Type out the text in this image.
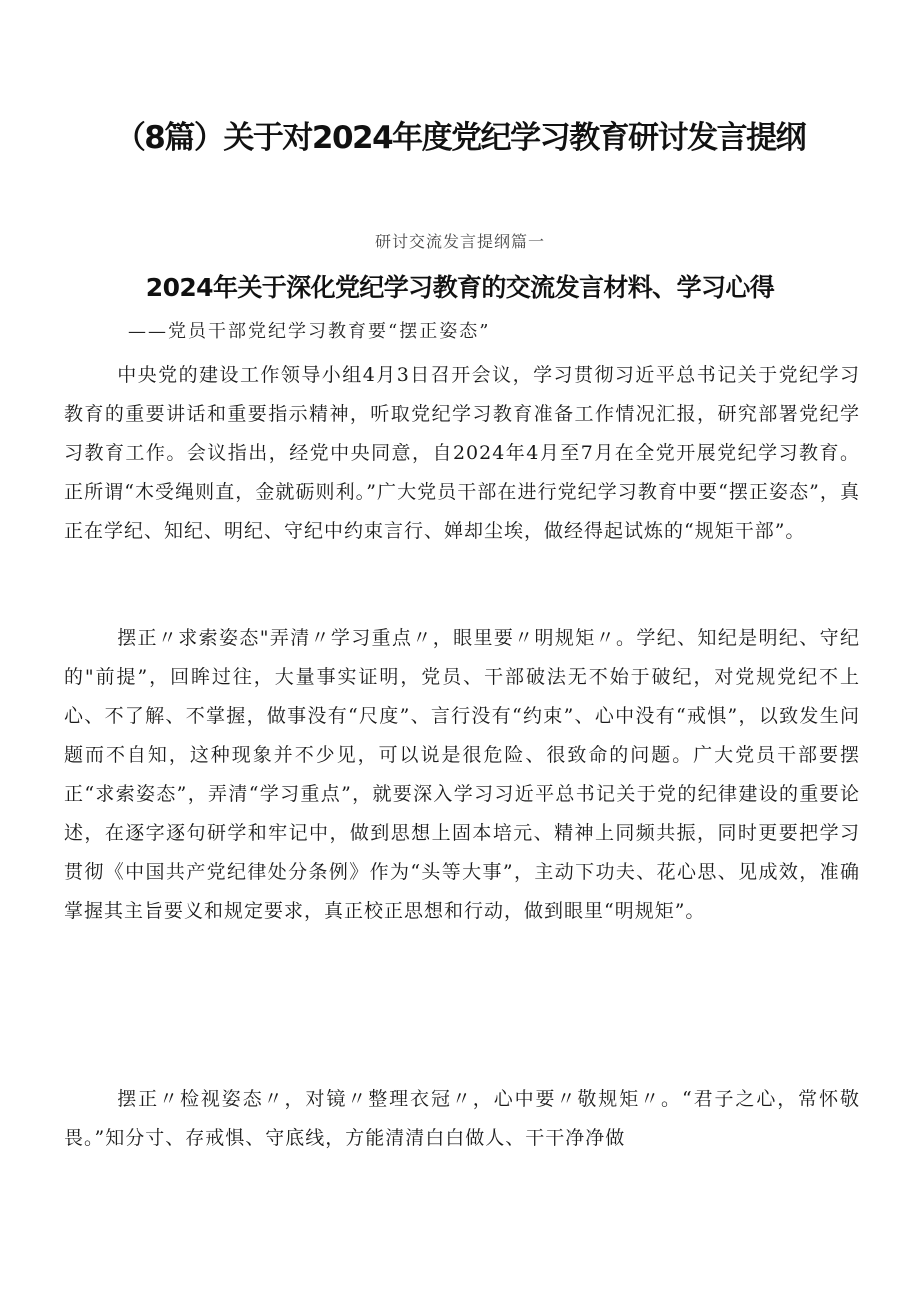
（8篇）关于对2024年度党纪学习教育研讨发言提纲
研讨交流发言提纲篇一
2024年关于深化党纪学习教育的交流发言材料、学习心得
——党员干部党纪学习教育要“摆正姿态”

中央党的建设工作领导小组4月3日召开会议，学习贯彻习近平总书记关于党纪学习教育的重要讲话和重要指示精神，听取党纪学习教育准备工作情况汇报，研究部署党纪学习教育工作。会议指出，经党中央同意，自2024年4月至7月在全党开展党纪学习教育。正所谓“木受绳则直，金就砺则利。”广大党员干部在进行党纪学习教育中要“摆正姿态”，真正在学纪、知纪、明纪、守纪中约束言行、婵却尘埃，做经得起试炼的“规矩干部”。

摆正〃求索姿态"弄清〃学习重点〃，眼里要〃明规矩〃。学纪、知纪是明纪、守纪的"前提”，回眸过往，大量事实证明，党员、干部破法无不始于破纪，对党规党纪不上心、不了解、不掌握，做事没有“尺度”、言行没有“约束”、心中没有“戒惧”，以致发生问题而不自知，这种现象并不少见，可以说是很危险、很致命的问题。广大党员干部要摆正“求索姿态”，弄清“学习重点”，就要深入学习习近平总书记关于党的纪律建设的重要论述，在逐字逐句研学和牢记中，做到思想上固本培元、精神上同频共振，同时更要把学习贯彻《中国共产党纪律处分条例》作为“头等大事”，主动下功夫、花心思、见成效，准确掌握其主旨要义和规定要求，真正校正思想和行动，做到眼里“明规矩”。

摆正〃检视姿态〃，对镜〃整理衣冠〃，心中要〃敬规矩〃。“君子之心，常怀敬畏。”知分寸、存戒惧、守底线，方能清清白白做人、干干净净做
